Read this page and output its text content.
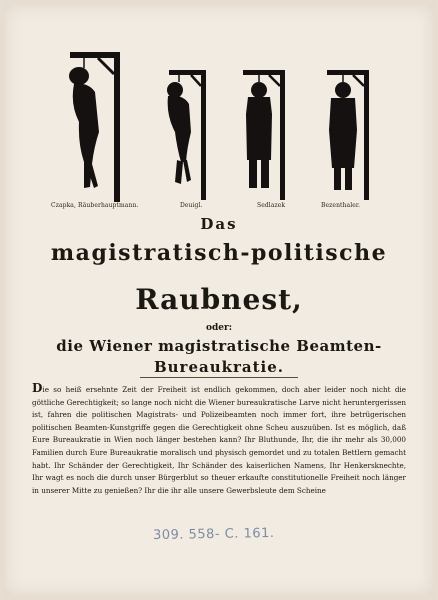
Czapka, Räuberhauptmann.	Deuigl.	Sedlazek	Bezenthaler.
Das
magistratisch-politische
Raubnest,
oder:
die Wiener magistratische Beamten-
Bureaukratie.
Die so heiß ersehnte Zeit der Freiheit ist endlich gekommen, doch aber leider noch nicht die göttliche Gerechtigkeit; so lange noch nicht die Wiener bureaukratische Larve nicht heruntergerissen ist, fahren die politischen Magistrats- und Polizeibeamten noch immer fort, ihre betrügerischen politischen Beamten-Kunstgriffe gegen die Gerechtigkeit ohne Scheu auszuüben. Ist es möglich, daß Eure Bureaukratie in Wien noch länger bestehen kann? Ihr Bluthunde, Ihr, die ihr mehr als 30,000 Familien durch Eure Bureaukratie moralisch und physisch gemordet und zu totalen Bettlern gemacht habt. Ihr Schänder der Gerechtigkeit, Ihr Schänder des kaiserlichen Namens, Ihr Henkersknechte, Ihr wagt es noch die durch unser Bürgerblut so theuer erkaufte constitutionelle Freiheit noch länger in unserer Mitte zu genießen? Ihr die ihr alle unsere Gewerbsleute dem Scheine
309. 558- C. 161.
